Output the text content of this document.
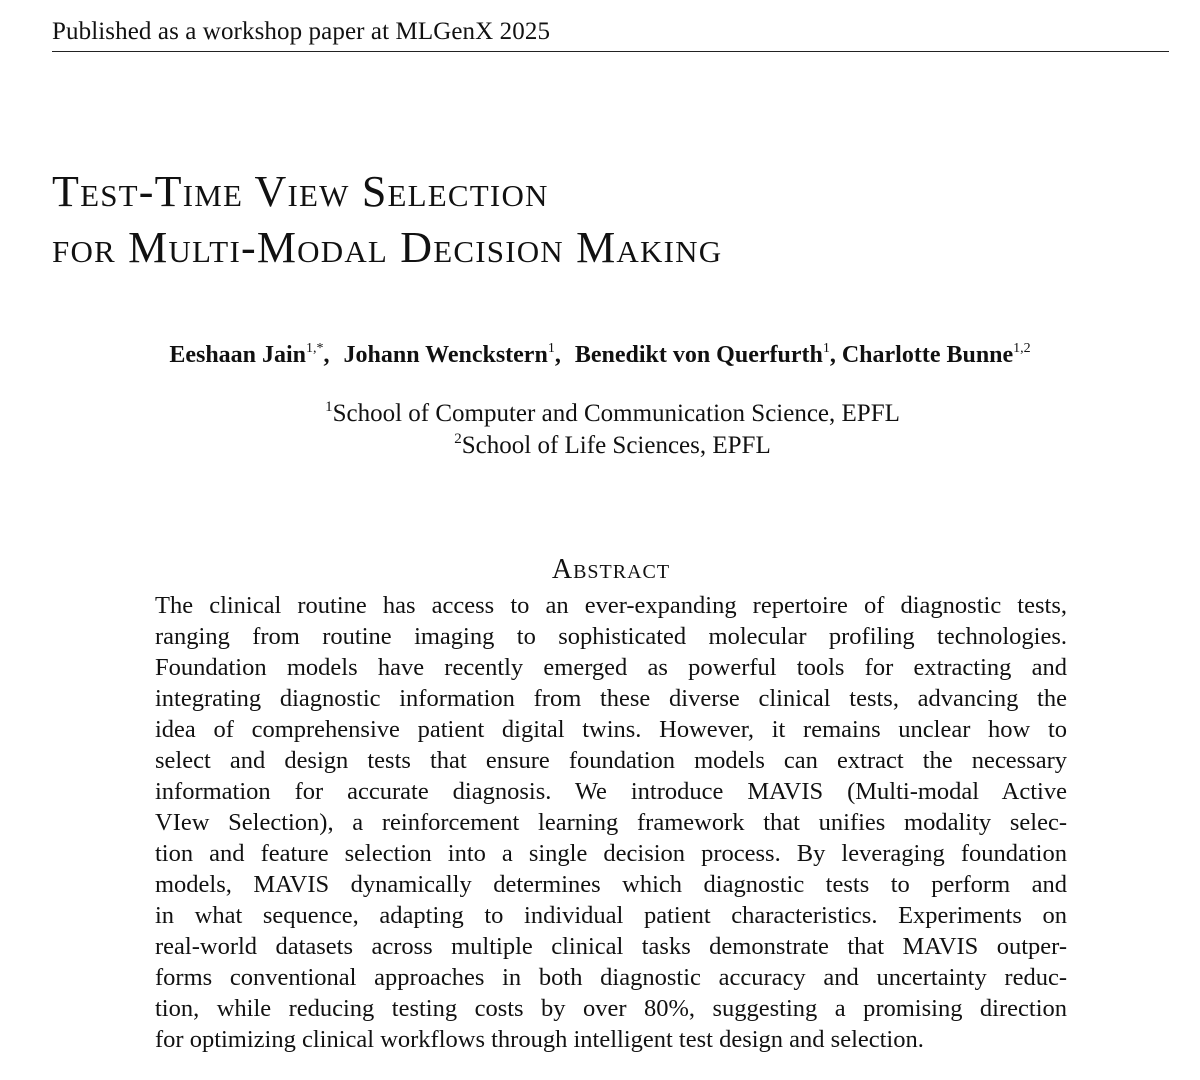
Published as a workshop paper at MLGenX 2025
Test-Time View Selection
for Multi-Modal Decision Making
Eeshaan Jain$^{1,*}$, Johann Wenckstern$^1$, Benedikt von Querfurth$^1$, Charlotte Bunne$^{1,2}$
$^1$School of Computer and Communication Science, EPFL
$^2$School of Life Sciences, EPFL
Abstract
The clinical routine has access to an ever-expanding repertoire of diagnostic tests,
ranging from routine imaging to sophisticated molecular profiling technologies.
Foundation models have recently emerged as powerful tools for extracting and
integrating diagnostic information from these diverse clinical tests, advancing the
idea of comprehensive patient digital twins. However, it remains unclear how to
select and design tests that ensure foundation models can extract the necessary
information for accurate diagnosis. We introduce MAVIS (Multi-modal Active
VIew Selection), a reinforcement learning framework that unifies modality selec-
tion and feature selection into a single decision process. By leveraging foundation
models, MAVIS dynamically determines which diagnostic tests to perform and
in what sequence, adapting to individual patient characteristics. Experiments on
real-world datasets across multiple clinical tasks demonstrate that MAVIS outper-
forms conventional approaches in both diagnostic accuracy and uncertainty reduc-
tion, while reducing testing costs by over 80%, suggesting a promising direction
for optimizing clinical workflows through intelligent test design and selection.
